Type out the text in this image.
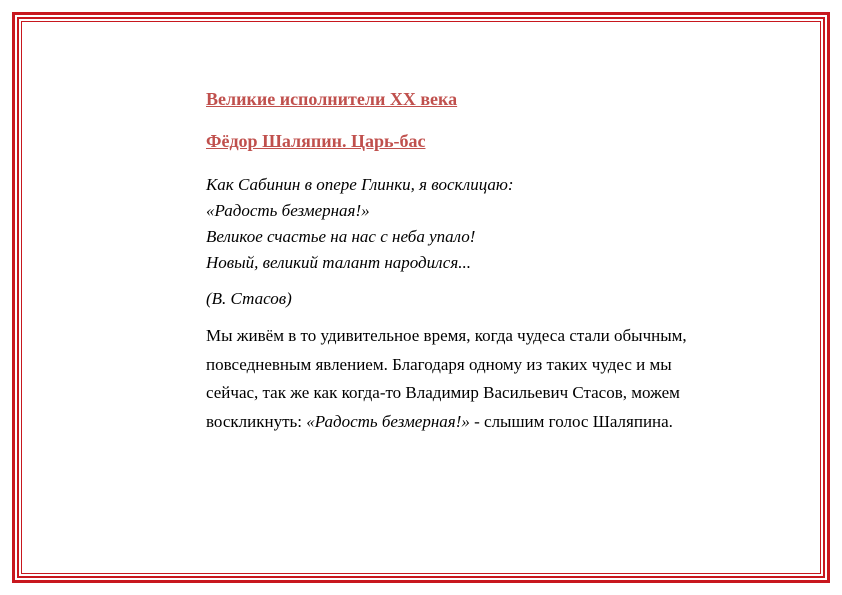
Великие исполнители XX века

Фёдор Шаляпин. Царь-бас

Как Сабинин в опере Глинки, я восклицаю:
«Радость безмерная!»
Великое счастье на нас с неба упало!
Новый, великий талант народился...

(В. Стасов)

Мы живём в то удивительное время, когда чудеса стали обычным, повседневным явлением. Благодаря одному из таких чудес и мы сейчас, так же как когда-то Владимир Васильевич Стасов, можем воскликнуть: «Радость безмерная!» - слышим голос Шаляпина.
